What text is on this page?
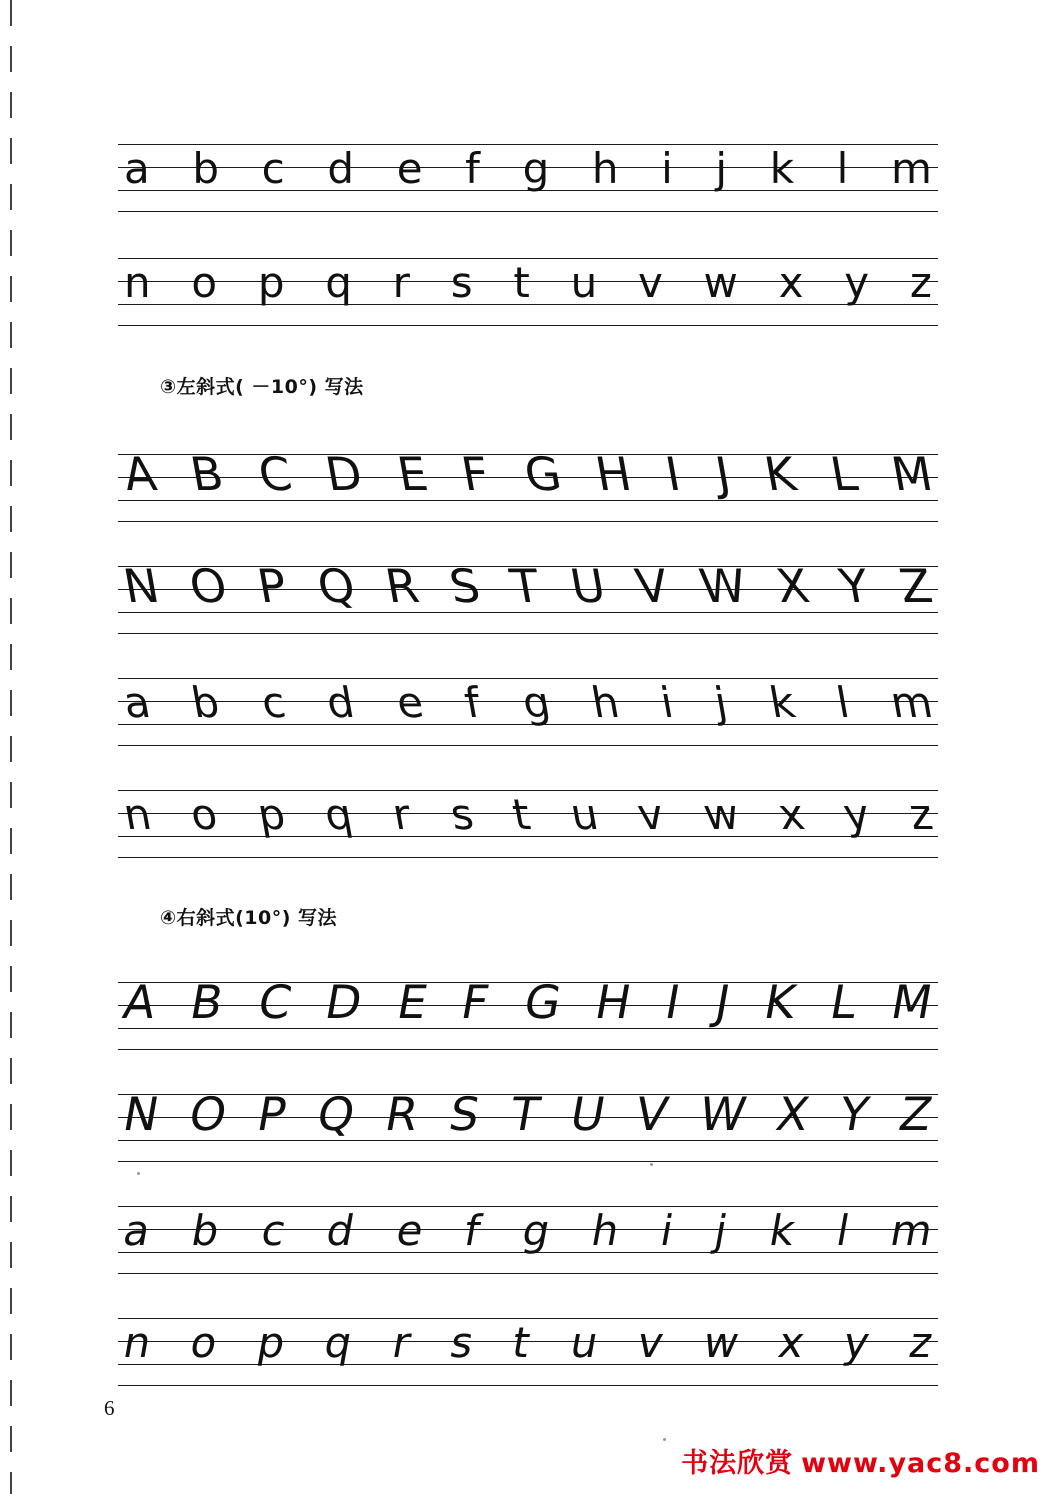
a b c d e f g h i j k l m
n o p q r s t u v w x y z
③左斜式( －10°) 写法
A B C D E F G H I J K L M
N O P Q R S T U V W X Y Z
a b c d e f g h i j k l m
n o p q r s t u v w x y z
④右斜式(10°) 写法
A B C D E F G H I J K L M
N O P Q R S T U V W X Y Z
a b c d e f g h i j k l m
n o p q r s t u v w x y z
6
书法欣赏 www.yac8.com
